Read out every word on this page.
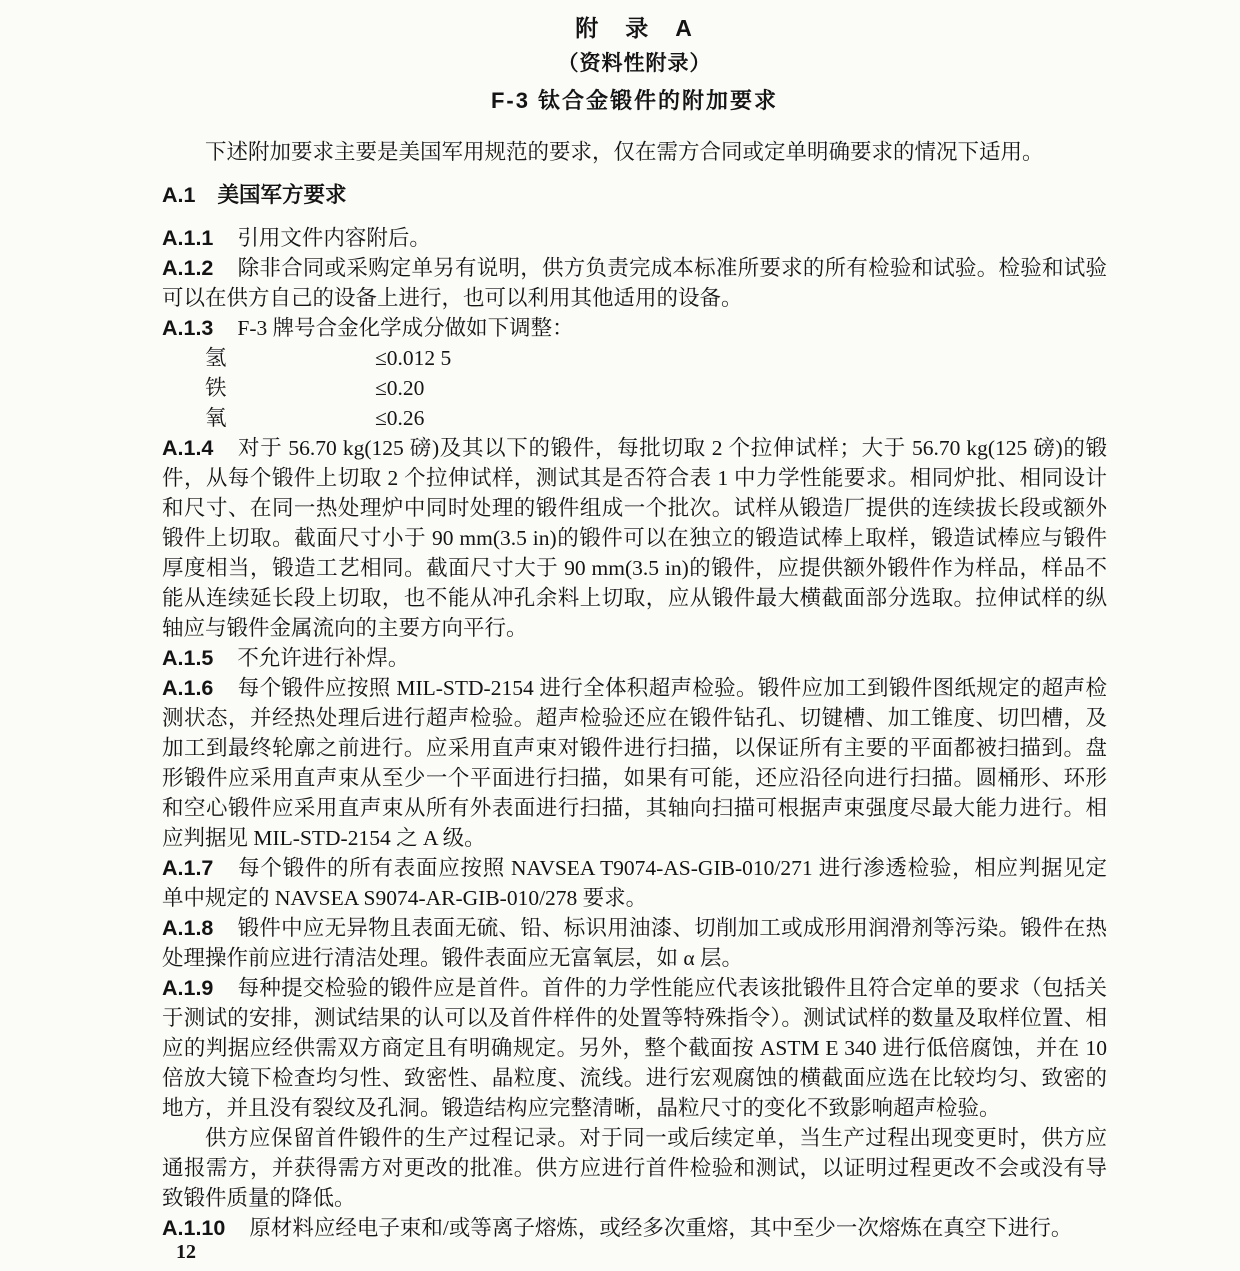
附　录　A
（资料性附录）
F-3 钛合金锻件的附加要求

下述附加要求主要是美国军用规范的要求，仅在需方合同或定单明确要求的情况下适用。

A.1 美国军方要求

A.1.1 引用文件内容附后。

A.1.2 除非合同或采购定单另有说明，供方负责完成本标准所要求的所有检验和试验。检验和试验可以在供方自己的设备上进行，也可以利用其他适用的设备。

A.1.3 F-3 牌号合金化学成分做如下调整：

氢	≤0.012 5
铁	≤0.20
氧	≤0.26

A.1.4 对于 56.70 kg(125 磅)及其以下的锻件，每批切取 2 个拉伸试样；大于 56.70 kg(125 磅)的锻件，从每个锻件上切取 2 个拉伸试样，测试其是否符合表 1 中力学性能要求。相同炉批、相同设计和尺寸、在同一热处理炉中同时处理的锻件组成一个批次。试样从锻造厂提供的连续拔长段或额外锻件上切取。截面尺寸小于 90 mm(3.5 in)的锻件可以在独立的锻造试棒上取样，锻造试棒应与锻件厚度相当，锻造工艺相同。截面尺寸大于 90 mm(3.5 in)的锻件，应提供额外锻件作为样品，样品不能从连续延长段上切取，也不能从冲孔余料上切取，应从锻件最大横截面部分选取。拉伸试样的纵轴应与锻件金属流向的主要方向平行。

A.1.5 不允许进行补焊。

A.1.6 每个锻件应按照 MIL-STD-2154 进行全体积超声检验。锻件应加工到锻件图纸规定的超声检测状态，并经热处理后进行超声检验。超声检验还应在锻件钻孔、切键槽、加工锥度、切凹槽，及加工到最终轮廓之前进行。应采用直声束对锻件进行扫描，以保证所有主要的平面都被扫描到。盘形锻件应采用直声束从至少一个平面进行扫描，如果有可能，还应沿径向进行扫描。圆桶形、环形和空心锻件应采用直声束从所有外表面进行扫描，其轴向扫描可根据声束强度尽最大能力进行。相应判据见 MIL-STD-2154 之 A 级。

A.1.7 每个锻件的所有表面应按照 NAVSEA T9074-AS-GIB-010/271 进行渗透检验，相应判据见定单中规定的 NAVSEA S9074-AR-GIB-010/278 要求。

A.1.8 锻件中应无异物且表面无硫、铅、标识用油漆、切削加工或成形用润滑剂等污染。锻件在热处理操作前应进行清洁处理。锻件表面应无富氧层，如 α 层。

A.1.9 每种提交检验的锻件应是首件。首件的力学性能应代表该批锻件且符合定单的要求（包括关于测试的安排，测试结果的认可以及首件样件的处置等特殊指令）。测试试样的数量及取样位置、相应的判据应经供需双方商定且有明确规定。另外，整个截面按 ASTM E 340 进行低倍腐蚀，并在 10 倍放大镜下检查均匀性、致密性、晶粒度、流线。进行宏观腐蚀的横截面应选在比较均匀、致密的地方，并且没有裂纹及孔洞。锻造结构应完整清晰，晶粒尺寸的变化不致影响超声检验。

供方应保留首件锻件的生产过程记录。对于同一或后续定单，当生产过程出现变更时，供方应通报需方，并获得需方对更改的批准。供方应进行首件检验和测试，以证明过程更改不会或没有导致锻件质量的降低。

A.1.10 原材料应经电子束和/或等离子熔炼，或经多次重熔，其中至少一次熔炼在真空下进行。

12
